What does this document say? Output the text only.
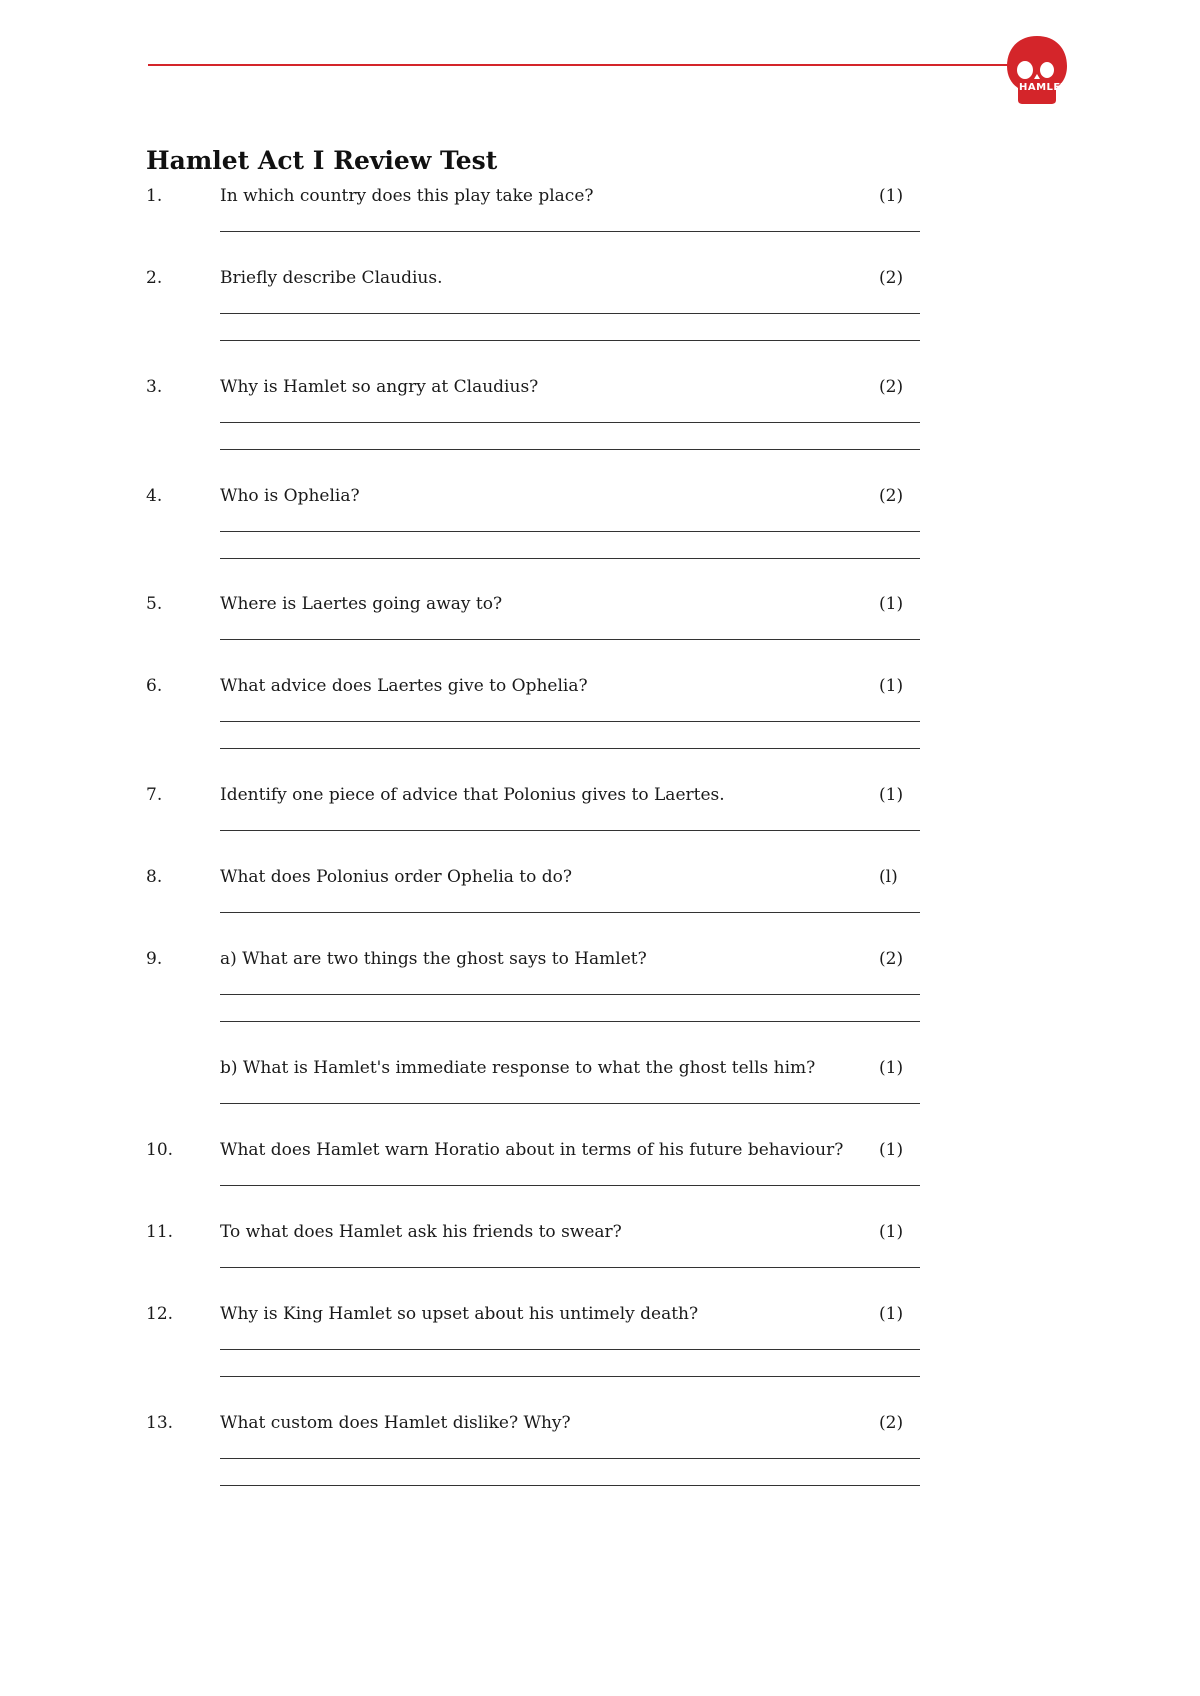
HAMLET
Hamlet Act I Review Test
1.	In which country does this play take place?	(1)
2.	Briefly describe Claudius.	(2)
3.	Why is Hamlet so angry at Claudius?	(2)
4.	Who is Ophelia?	(2)
5.	Where is Laertes going away to?	(1)
6.	What advice does Laertes give to Ophelia?	(1)
7.	Identify one piece of advice that Polonius gives to Laertes.	(1)
8.	What does Polonius order Ophelia to do?	(l)
9.	a) What are two things the ghost says to Hamlet?	(2)
b) What is Hamlet's immediate response to what the ghost tells him?	(1)
10.	What does Hamlet warn Horatio about in terms of his future behaviour? (1)
11.	To what does Hamlet ask his friends to swear?	(1)
12.	Why is King Hamlet so upset about his untimely death?	(1)
13.	What custom does Hamlet dislike? Why?	(2)
